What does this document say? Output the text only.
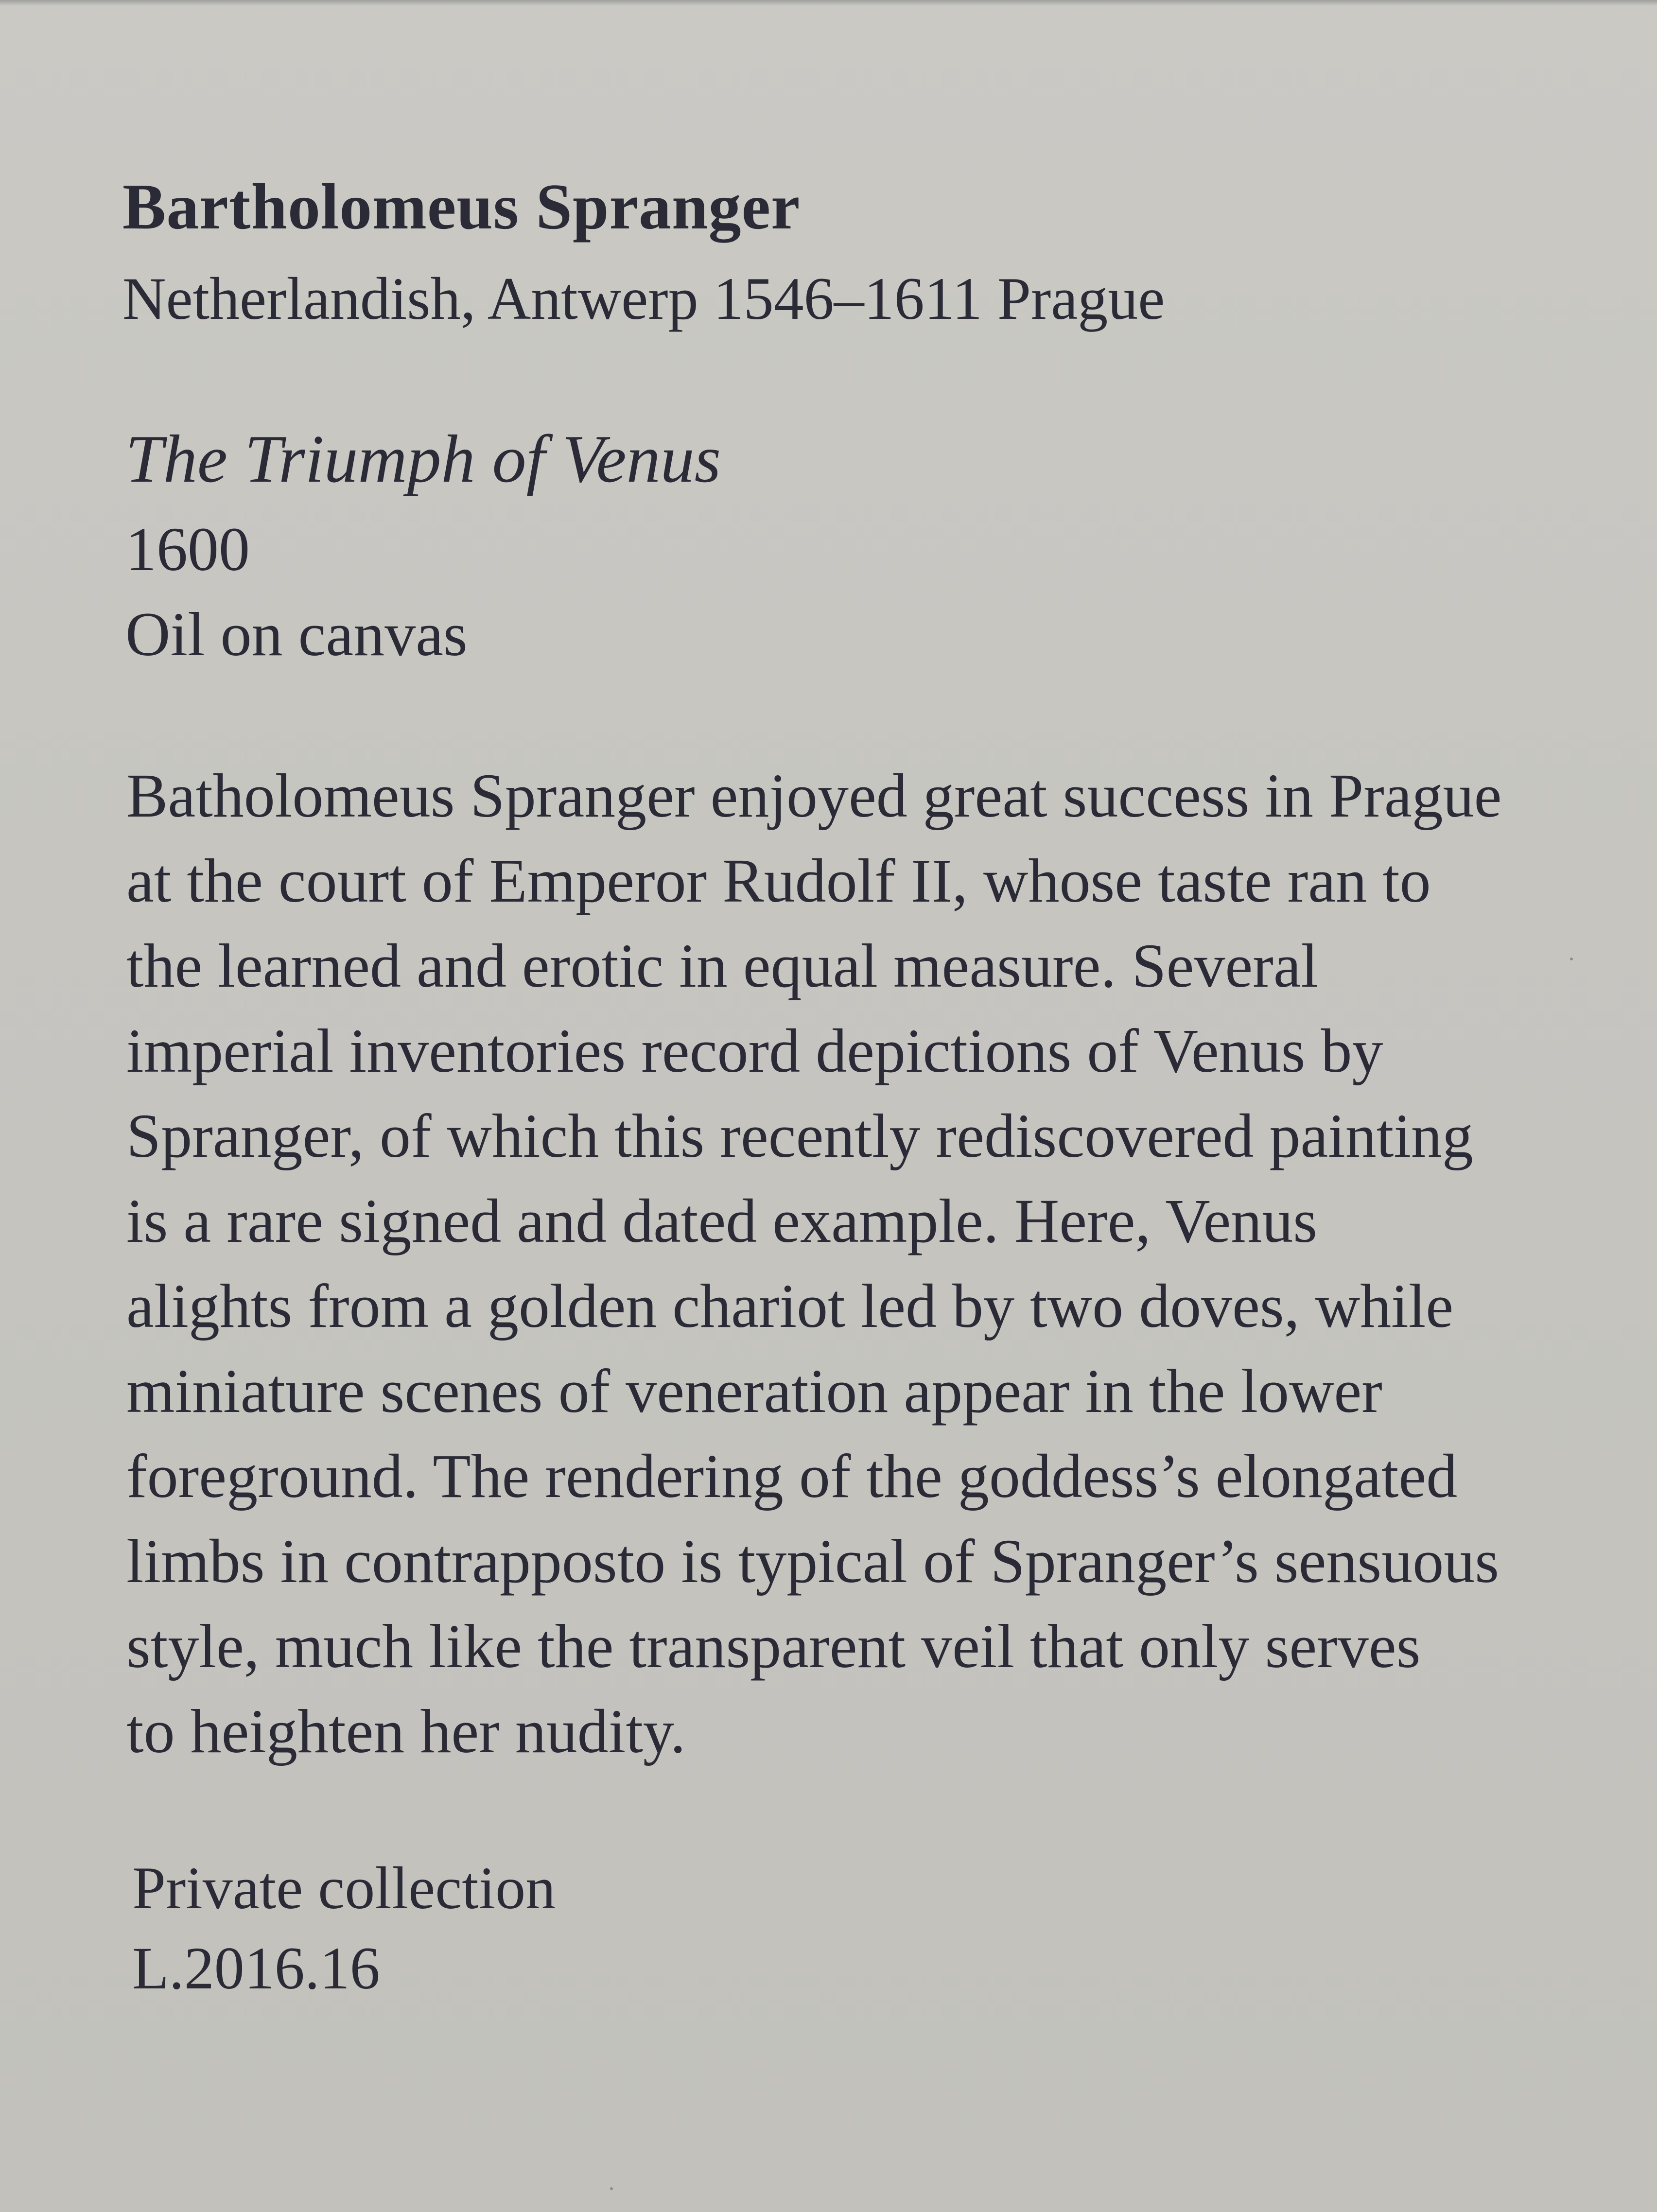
Bartholomeus Spranger
Netherlandish, Antwerp 1546–1611 Prague
The Triumph of Venus
1600
Oil on canvas
Batholomeus Spranger enjoyed great success in Prague
at the court of Emperor Rudolf II, whose taste ran to
the learned and erotic in equal measure. Several
imperial inventories record depictions of Venus by
Spranger, of which this recently rediscovered painting
is a rare signed and dated example. Here, Venus
alights from a golden chariot led by two doves, while
miniature scenes of veneration appear in the lower
foreground. The rendering of the goddess’s elongated
limbs in contrapposto is typical of Spranger’s sensuous
style, much like the transparent veil that only serves
to heighten her nudity.
Private collection
L.2016.16
